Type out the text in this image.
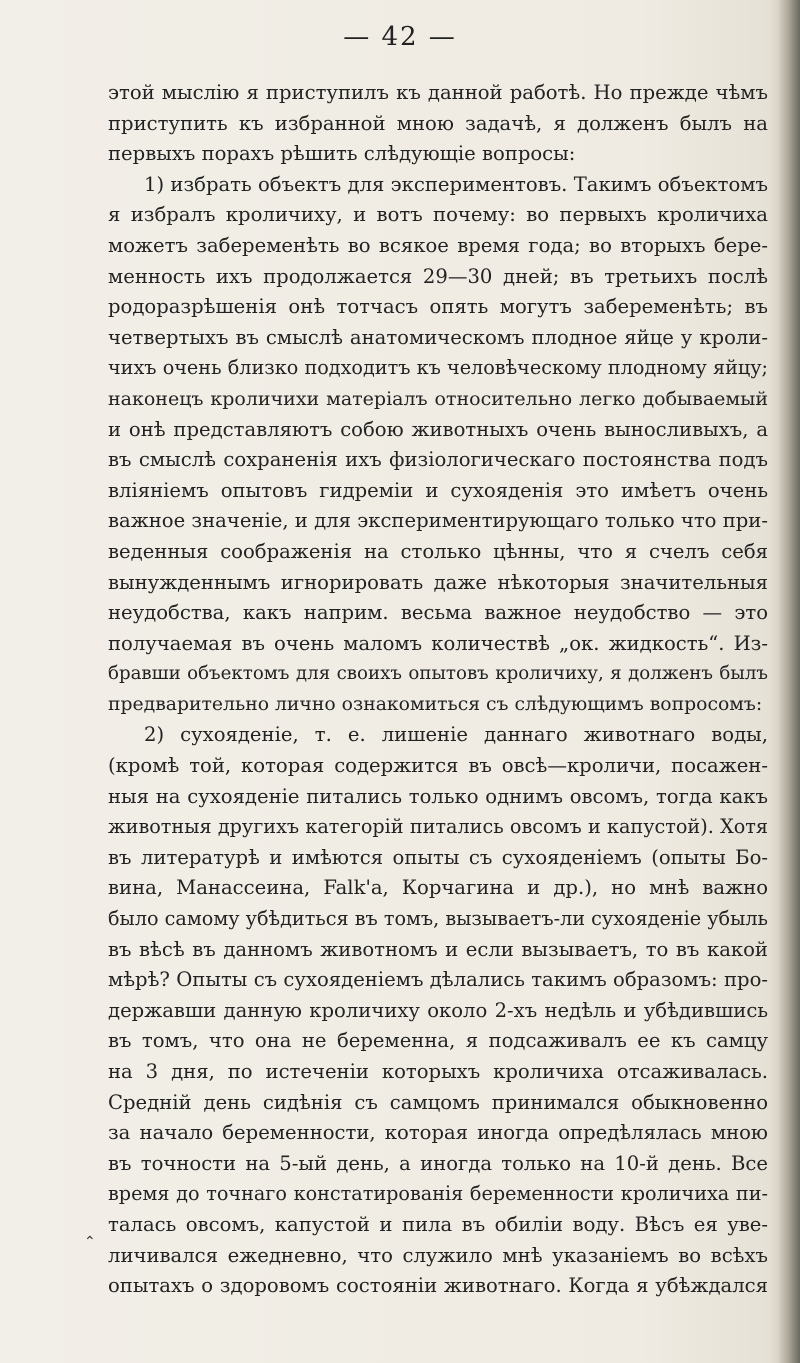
— 42 —
⌃
этой мыслію я приступилъ къ данной работѣ. Но прежде чѣмъ
приступить къ избранной мною задачѣ, я долженъ былъ на
первыхъ порахъ рѣшить слѣдующіе вопросы:
1) избрать объектъ для экспериментовъ. Такимъ объектомъ
я избралъ кроличиху, и вотъ почему: во первыхъ кроличиха
можетъ забеременѣть во всякое время года; во вторыхъ бере-
менность ихъ продолжается 29—30 дней; въ третьихъ послѣ
родоразрѣшенія онѣ тотчасъ опять могутъ забеременѣть; въ
четвертыхъ въ смыслѣ анатомическомъ плодное яйце у кроли-
чихъ очень близко подходитъ къ человѣческому плодному яйцу;
наконецъ кроличихи матеріалъ относительно легко добываемый
и онѣ представляютъ собою животныхъ очень выносливыхъ, а
въ смыслѣ сохраненія ихъ физіологическаго постоянства подъ
вліяніемъ опытовъ гидреміи и сухояденія это имѣетъ очень
важное значеніе, и для экспериментирующаго только что при-
веденныя соображенія на столько цѣнны, что я счелъ себя
вынужденнымъ игнорировать даже нѣкоторыя значительныя
неудобства, какъ наприм. весьма важное неудобство — это
получаемая въ очень маломъ количествѣ „ок. жидкость“. Из-
бравши объектомъ для своихъ опытовъ кроличиху, я долженъ былъ
предварительно лично ознакомиться съ слѣдующимъ вопросомъ:
2) сухояденіе, т. е. лишеніе даннаго животнаго воды,
(кромѣ той, которая содержится въ овсѣ—кроличи, посажен-
ныя на сухояденіе питались только однимъ овсомъ, тогда какъ
животныя другихъ категорій питались овсомъ и капустой). Хотя
въ литературѣ и имѣются опыты съ сухояденіемъ (опыты Бо-
вина, Манассеина, Falk'а, Корчагина и др.), но мнѣ важно
было самому убѣдиться въ томъ, вызываетъ-ли сухояденіе убыль
въ вѣсѣ въ данномъ животномъ и если вызываетъ, то въ какой
мѣрѣ? Опыты съ сухояденіемъ дѣлались такимъ образомъ: про-
державши данную кроличиху около 2-хъ недѣль и убѣдившись
въ томъ, что она не беременна, я подсаживалъ ее къ самцу
на 3 дня, по истеченіи которыхъ кроличиха отсаживалась.
Средній день сидѣнія съ самцомъ принимался обыкновенно
за начало беременности, которая иногда опредѣлялась мною
въ точности на 5-ый день, а иногда только на 10-й день. Все
время до точнаго констатированія беременности кроличиха пи-
талась овсомъ, капустой и пила въ обиліи воду. Вѣсъ ея уве-
личивался ежедневно, что служило мнѣ указаніемъ во всѣхъ
опытахъ о здоровомъ состояніи животнаго. Когда я убѣждался
